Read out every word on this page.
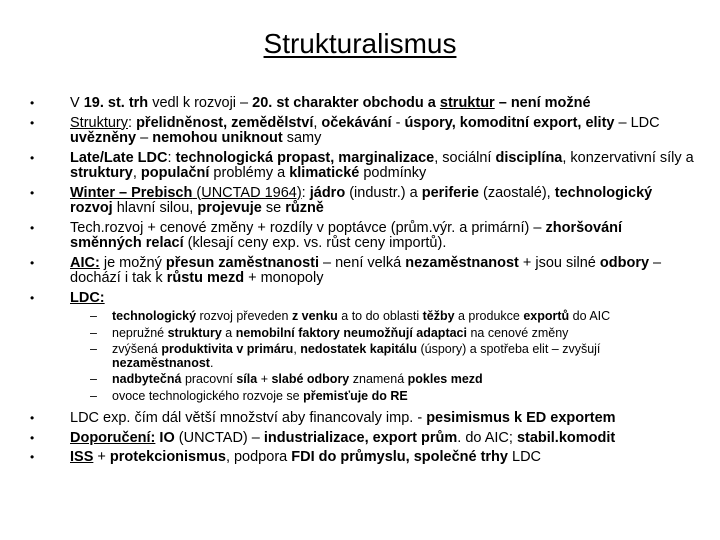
Strukturalismus
• V 19. st. trh vedl k rozvoji – 20. st charakter obchodu a struktur – není možné
• Struktury: přelidněnost, zemědělství, očekávání - úspory, komoditní export, elity – LDC uvězněny – nemohou uniknout samy
• Late/Late LDC: technologická propast, marginalizace, sociální disciplína, konzervativní síly a struktury, populační problémy a klimatické podmínky
• Winter – Prebisch (UNCTAD 1964): jádro (industr.) a periferie (zaostalé), technologický rozvoj hlavní silou, projevuje se různě
• Tech.rozvoj + cenové změny + rozdíly v poptávce (prům.výr. a primární) – zhoršování směnných relací (klesají ceny exp. vs. růst ceny importů).
• AIC: je možný přesun zaměstnanosti – není velká nezaměstnanost + jsou silné odbory – dochází i tak k růstu mezd + monopoly
• LDC:
– technologický rozvoj převeden z venku a to do oblasti těžby a produkce exportů do AIC
– nepružné struktury a nemobilní faktory neumožňují adaptaci na cenové změny
– zvýšená produktivita v primáru, nedostatek kapitálu (úspory) a spotřeba elit – zvyšují nezaměstnanost.
– nadbytečná pracovní síla + slabé odbory znamená pokles mezd
– ovoce technologického rozvoje se přemisťuje do RE
• LDC exp. čím dál větší množství aby financovaly imp. - pesimismus k ED exportem
• Doporučení: IO (UNCTAD) – industrializace, export prům. do AIC; stabil.komodit
• ISS + protekcionismus, podpora FDI do průmyslu, společné trhy LDC
